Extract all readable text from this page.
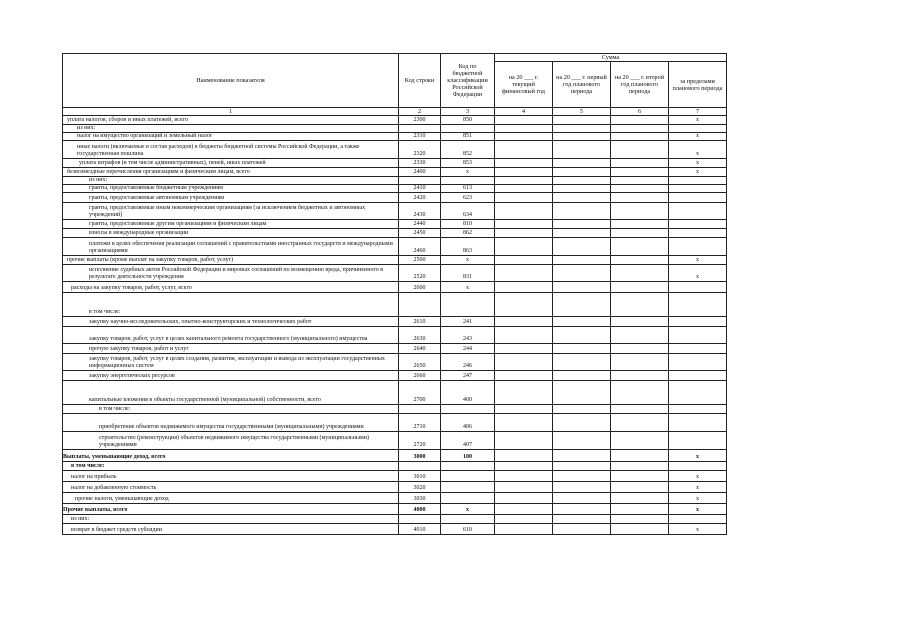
Наименование показателя	Код строки	Код по бюджетной классификации Российской Федерации	Сумма			
			на 20 ___ г. текущий финансовый год	на 20 ___ г. первый год планового периода	на 20 ___ г. второй год планового периода	за пределами планового периода
1	2	3	4	5	6	7
уплата налогов, сборов и иных платежей, всего	2300	850				x
из них:						
налог на имущество организаций и земельный налог	2310	851				x
иные налоги (включаемые в состав расходов) в бюджеты бюджетной системы Российской Федерации, а также государственная пошлина	2320	852				x
уплата штрафов (в том числе административных), пеней, иных платежей	2330	853				x
безвозмездные перечисления организациям и физическим лицам, всего	2400	x				x
из них:						
гранты, предоставляемые бюджетным учреждениям	2410	613				
гранты, предоставляемые автономным учреждениям	2420	623				
гранты, предоставляемые иным некоммерческим организациям (за исключением бюджетных и автономных учреждений)	2430	634				
гранты, предоставляемые другим организациям и физическим лицам	2440	810				
взносы в международные организации	2450	862				
платежи в целях обеспечения реализации соглашений с правительствами иностранных государств и международными организациями	2460	863				
прочие выплаты (кроме выплат на закупку товаров, работ, услуг)	2500	x				x
исполнение судебных актов Российской Федерации и мировых соглашений по возмещению вреда, причиненного в результате деятельности учреждения	2520	831				x
расходы на закупку товаров, работ, услуг, всего	2600	x				
в том числе:						
закупку научно-исследовательских, опытно-конструкторских и технологических работ	2610	241				
закупку товаров, работ, услуг в целях капитального ремонта государственного (муниципального) имущества	2630	243				
прочую закупку товаров, работ и услуг	2640	244				
закупку товаров, работ, услуг в целях создания, развития, эксплуатации и вывода из эксплуатации государственных информационных систем	2650	246				
закупку энергетических ресурсов	2660	247				
капитальные вложения в объекты государственной (муниципальной) собственности, всего	2700	400				
в том числе:						
приобретение объектов недвижимого имущества государственными (муниципальными) учреждениями	2710	406				
строительство (реконструкция) объектов недвижимого имущества государственными (муниципальными) учреждениями	2720	407				
Выплаты, уменьшающие доход, всего	3000	100				x
в том числе:						
налог на прибыль	3010					x
налог на добавленную стоимость	3020					x
прочие налоги, уменьшающие доход	3030					x
Прочие выплаты, всего	4000	x				x
из них:						
возврат в бюджет средств субсидии	4010	610				x
